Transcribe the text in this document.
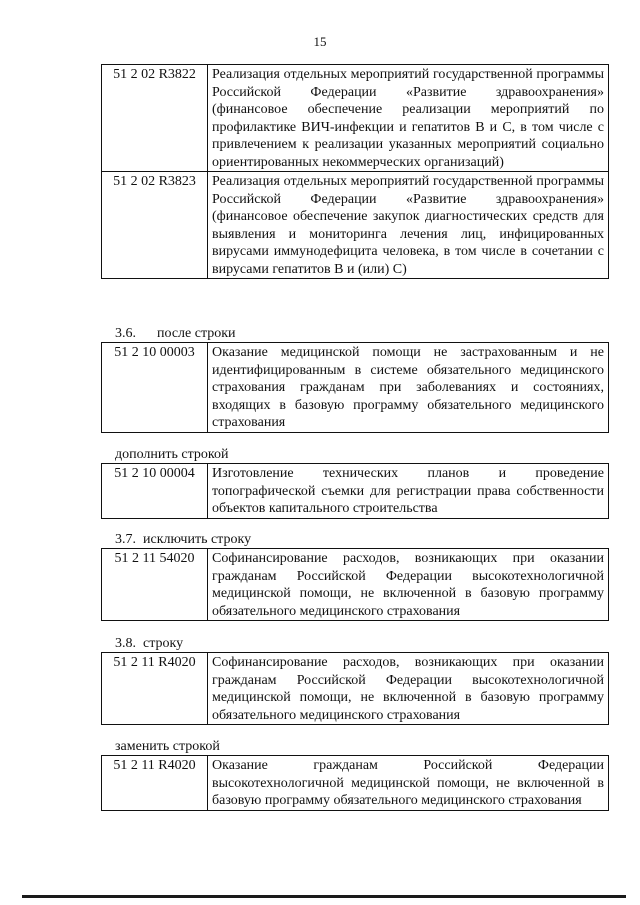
15
51 2 02 R3822	Реализация отдельных мероприятий государственной программы Российской Федерации «Развитие здравоохранения» (финансовое обеспечение реализации мероприятий по профилактике ВИЧ-инфекции и гепатитов В и С, в том числе с привлечением к реализации указанных мероприятий социально ориентированных некоммерческих организаций)
51 2 02 R3823	Реализация отдельных мероприятий государственной программы Российской Федерации «Развитие здравоохранения» (финансовое обеспечение закупок диагностических средств для выявления и мониторинга лечения лиц, инфицированных вирусами иммунодефицита человека, в том числе в сочетании с вирусами гепатитов В и (или) С)
3.6.      после строки
51 2 10 00003	Оказание медицинской помощи не застрахованным и не идентифицированным в системе обязательного медицинского страхования гражданам при заболеваниях и состояниях, входящих в базовую программу обязательного медицинского страхования
дополнить строкой
51 2 10 00004	Изготовление технических планов и проведение топографической съемки для регистрации права собственности объектов капитального строительства
3.7.  исключить строку
51 2 11 54020	Софинансирование расходов, возникающих при оказании гражданам Российской Федерации высокотехнологичной медицинской помощи, не включенной в базовую программу обязательного медицинского страхования
3.8.  строку
51 2 11 R4020	Софинансирование расходов, возникающих при оказании гражданам Российской Федерации высокотехнологичной медицинской помощи, не включенной в базовую программу обязательного медицинского страхования
заменить строкой
51 2 11 R4020	Оказание гражданам Российской Федерации высокотехнологичной медицинской помощи, не включенной в базовую программу обязательного медицинского страхования
